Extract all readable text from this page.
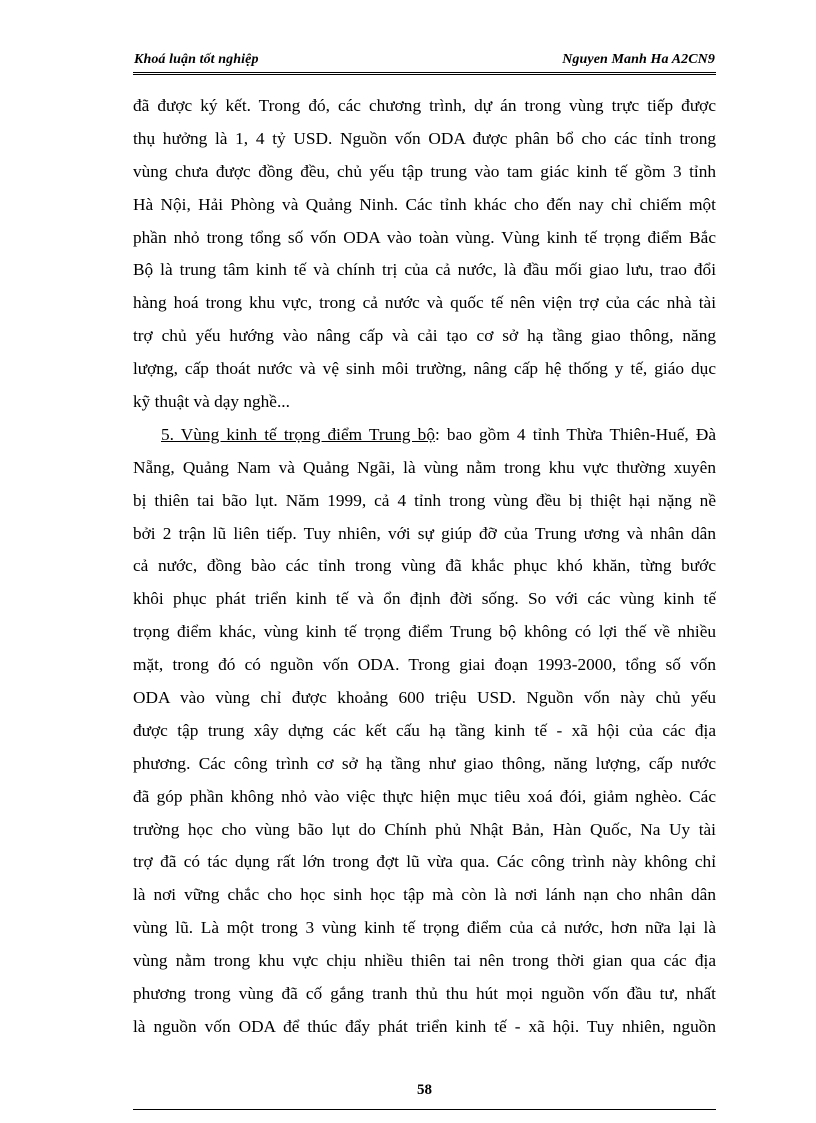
Khoá luận tốt nghiệp	Nguyen Manh Ha A2CN9
đã được ký kết. Trong đó, các chương trình, dự án trong vùng trực tiếp được
thụ hưởng là 1, 4 tỷ USD. Nguồn vốn ODA được phân bổ cho các tỉnh trong
vùng chưa được đồng đều, chủ yếu tập trung vào tam giác kinh tế gồm 3 tỉnh
Hà Nội, Hải Phòng và Quảng Ninh. Các tỉnh khác cho đến nay chỉ chiếm một
phần nhỏ trong tổng số vốn ODA vào toàn vùng. Vùng kinh tế trọng điểm Bắc
Bộ là trung tâm kinh tế và chính trị của cả nước, là đầu mối giao lưu, trao đổi
hàng hoá trong khu vực, trong cả nước và quốc tế nên viện trợ của các nhà tài
trợ chủ yếu hướng vào nâng cấp và cải tạo cơ sở hạ tầng giao thông, năng
lượng, cấp thoát nước và vệ sinh môi trường, nâng cấp hệ thống y tế, giáo dục
kỹ thuật và dạy nghề...
5. Vùng kinh tế trọng điểm Trung bộ: bao gồm 4 tỉnh Thừa Thiên-Huế, Đà
Nẵng, Quảng Nam và Quảng Ngãi, là vùng nằm trong khu vực thường xuyên
bị thiên tai bão lụt. Năm 1999, cả 4 tỉnh trong vùng đều bị thiệt hại nặng nề
bởi 2 trận lũ liên tiếp. Tuy nhiên, với sự giúp đỡ của Trung ương và nhân dân
cả nước, đồng bào các tỉnh trong vùng đã khắc phục khó khăn, từng bước
khôi phục phát triển kinh tế và ổn định đời sống. So với các vùng kinh tế
trọng điểm khác, vùng kinh tế trọng điểm Trung bộ không có lợi thế về nhiều
mặt, trong đó có nguồn vốn ODA. Trong giai đoạn 1993-2000, tổng số vốn
ODA vào vùng chỉ được khoảng 600 triệu USD. Nguồn vốn này chủ yếu
được tập trung xây dựng các kết cấu hạ tầng kinh tế - xã hội của các địa
phương. Các công trình cơ sở hạ tầng như giao thông, năng lượng, cấp nước
đã góp phần không nhỏ vào việc thực hiện mục tiêu xoá đói, giảm nghèo. Các
trường học cho vùng bão lụt do Chính phủ Nhật Bản, Hàn Quốc, Na Uy tài
trợ đã có tác dụng rất lớn trong đợt lũ vừa qua. Các công trình này không chỉ
là nơi vững chắc cho học sinh học tập mà còn là nơi lánh nạn cho nhân dân
vùng lũ. Là một trong 3 vùng kinh tế trọng điểm của cả nước, hơn nữa lại là
vùng nằm trong khu vực chịu nhiều thiên tai nên trong thời gian qua các địa
phương trong vùng đã cố gắng tranh thủ thu hút mọi nguồn vốn đầu tư, nhất
là nguồn vốn ODA để thúc đẩy phát triển kinh tế - xã hội. Tuy nhiên, nguồn
58
